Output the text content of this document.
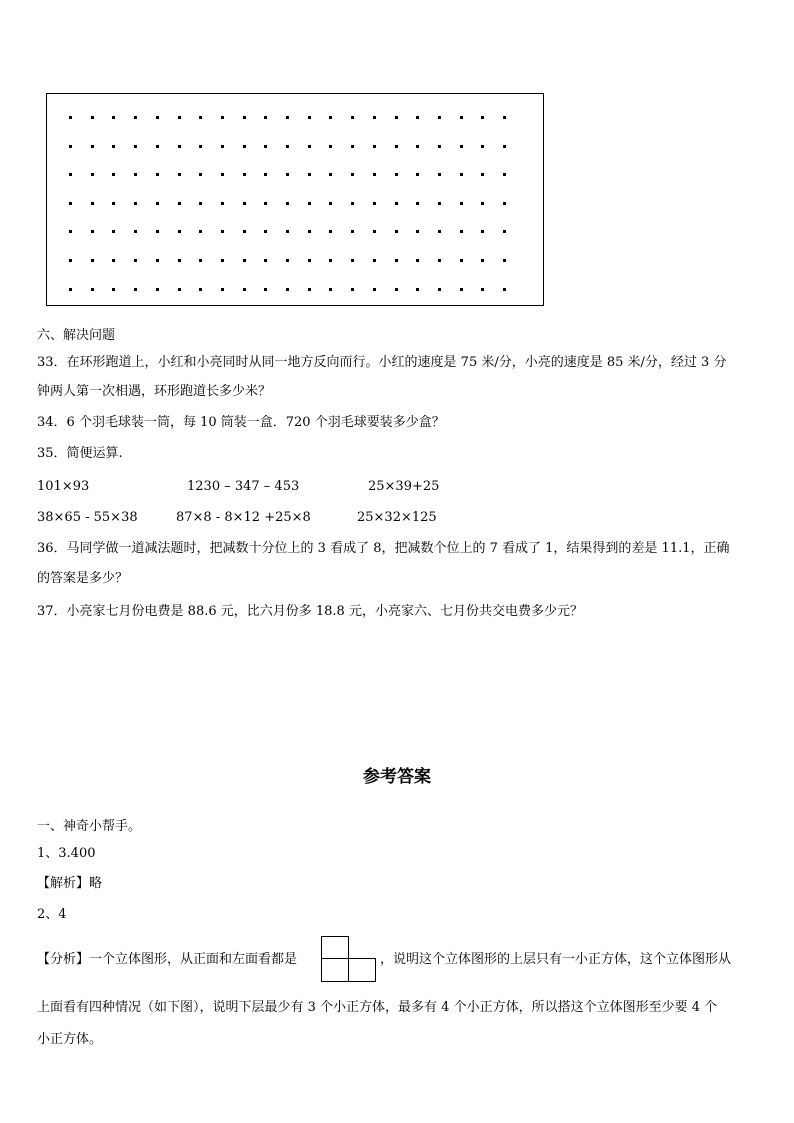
六、解决问题
33．在环形跑道上，小红和小亮同时从同一地方反向而行。小红的速度是 75 米/分，小亮的速度是 85 米/分，经过 3 分
钟两人第一次相遇，环形跑道长多少米？
34．6 个羽毛球装一筒，每 10 筒装一盒．720 个羽毛球要装多少盒？
35．简便运算.
101×93	1230 – 347 – 453	25×39+25
38×65 - 55×38	87×8 - 8×12 +25×8	25×32×125
36．马同学做一道减法题时，把减数十分位上的 3 看成了 8，把减数个位上的 7 看成了 1，结果得到的差是 11.1，正确
的答案是多少？
37．小亮家七月份电费是 88.6 元，比六月份多 18.8 元，小亮家六、七月份共交电费多少元？
参考答案
一、神奇小帮手。
1、3.400
【解析】略
2、4
【分析】一个立体图形，从正面和左面看都是	，说明这个立体图形的上层只有一小正方体，这个立体图形从
上面看有四种情况（如下图），说明下层最少有 3 个小正方体，最多有 4 个小正方体，所以搭这个立体图形至少要 4 个
小正方体。
